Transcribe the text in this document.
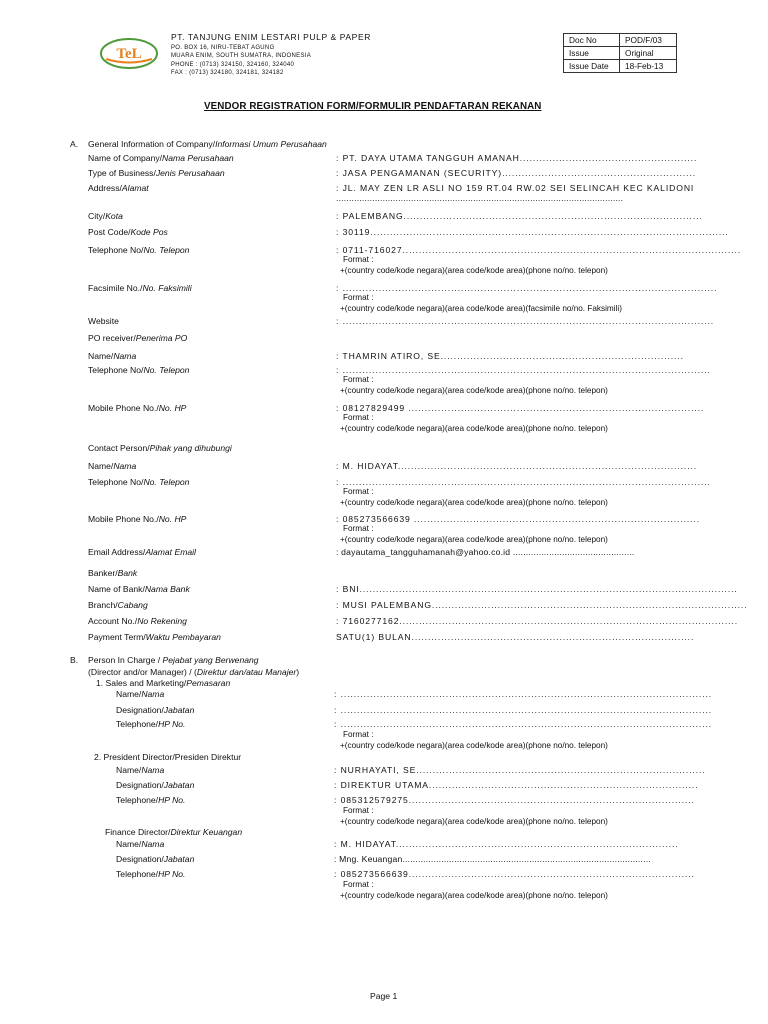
TeL
PT. TANJUNG ENIM LESTARI PULP & PAPER
PO. BOX 16, NIRU-TEBAT AGUNG
MUARA ENIM, SOUTH SUMATRA, INDONESIA
PHONE : (0713) 324150, 324160, 324040
FAX : (0713) 324180, 324181, 324182
Doc No	POD/F/03
Issue	Original
Issue Date	18-Feb-13
VENDOR REGISTRATION FORM/FORMULIR PENDAFTARAN REKANAN
A. General Information of Company/Informasi Umum Perusahaan
Name of Company/Nama Perusahaan	: PT. DAYA UTAMA TANGGUH AMANAH......................................................
Type of Business/Jenis Perusahaan	: JASA PENGAMANAN (SECURITY)...........................................................
Address/Alamat	: JL. MAY ZEN LR ASLI NO 159 RT.04 RW.02 SEI SELINCAH KEC KALIDONI
...............................................................................................................
City/Kota	: PALEMBANG...........................................................................................
Post Code/Kode Pos	: 30119.............................................................................................................
Telephone No/No. Telepon	: 0711-716027.......................................................................................................
Format :
+(country code/kode negara)(area code/kode area)(phone no/no. telepon)
Facsimile No./No. Faksimili	: ..................................................................................................................
Format :
+(country code/kode negara)(area code/kode area)(facsimile no/no. Faksimili)
Website	: .................................................................................................................
PO receiver/Penerima PO
Name/Nama	: THAMRIN ATIRO, SE..........................................................................
Telephone No/No. Telepon	: ................................................................................................................
Format :
+(country code/kode negara)(area code/kode area)(phone no/no. telepon)
Mobile Phone No./No. HP	: 08127829499 ..........................................................................................
Format :
+(country code/kode negara)(area code/kode area)(phone no/no. telepon)
Contact Person/Pihak yang dihubungi
Name/Nama	: M. HIDAYAT...........................................................................................
Telephone No/No. Telepon	: ................................................................................................................
Format :
+(country code/kode negara)(area code/kode area)(phone no/no. telepon)
Mobile Phone No./No. HP	: 085273566639 .......................................................................................
Format :
+(country code/kode negara)(area code/kode area)(phone no/no. telepon)
Email Address/Alamat Email	: dayautama_tangguhamanah@yahoo.co.id ...............................................
Banker/Bank
Name of Bank/Nama Bank	: BNI...................................................................................................................
Branch/Cabang	: MUSI PALEMBANG................................................................................................
Account No./No Rekening	: 7160277162.......................................................................................................
Payment Term/Waktu Pembayaran	SATU(1) BULAN......................................................................................
B. Person In Charge / Pejabat yang Berwenang
(Director and/or Manager) / (Direktur dan/atau Manajer)
1. Sales and Marketing/Pemasaran
Name/Nama	: .................................................................................................................
Designation/Jabatan	: .................................................................................................................
Telephone/HP No.	: .................................................................................................................
Format :
+(country code/kode negara)(area code/kode area)(phone no/no. telepon)
2. President Director/Presiden Direktur
Name/Nama	: NURHAYATI, SE........................................................................................
Designation/Jabatan	: DIREKTUR UTAMA..................................................................................
Telephone/HP No.	: 085312579275.......................................................................................
Format :
+(country code/kode negara)(area code/kode area)(phone no/no. telepon)
Finance Director/Direktur Keuangan
Name/Nama	: M. HIDAYAT......................................................................................
Designation/Jabatan	: Mng. Keuangan................................................................................................
Telephone/HP No.	: 085273566639.......................................................................................
Format :
+(country code/kode negara)(area code/kode area)(phone no/no. telepon)
Page 1
